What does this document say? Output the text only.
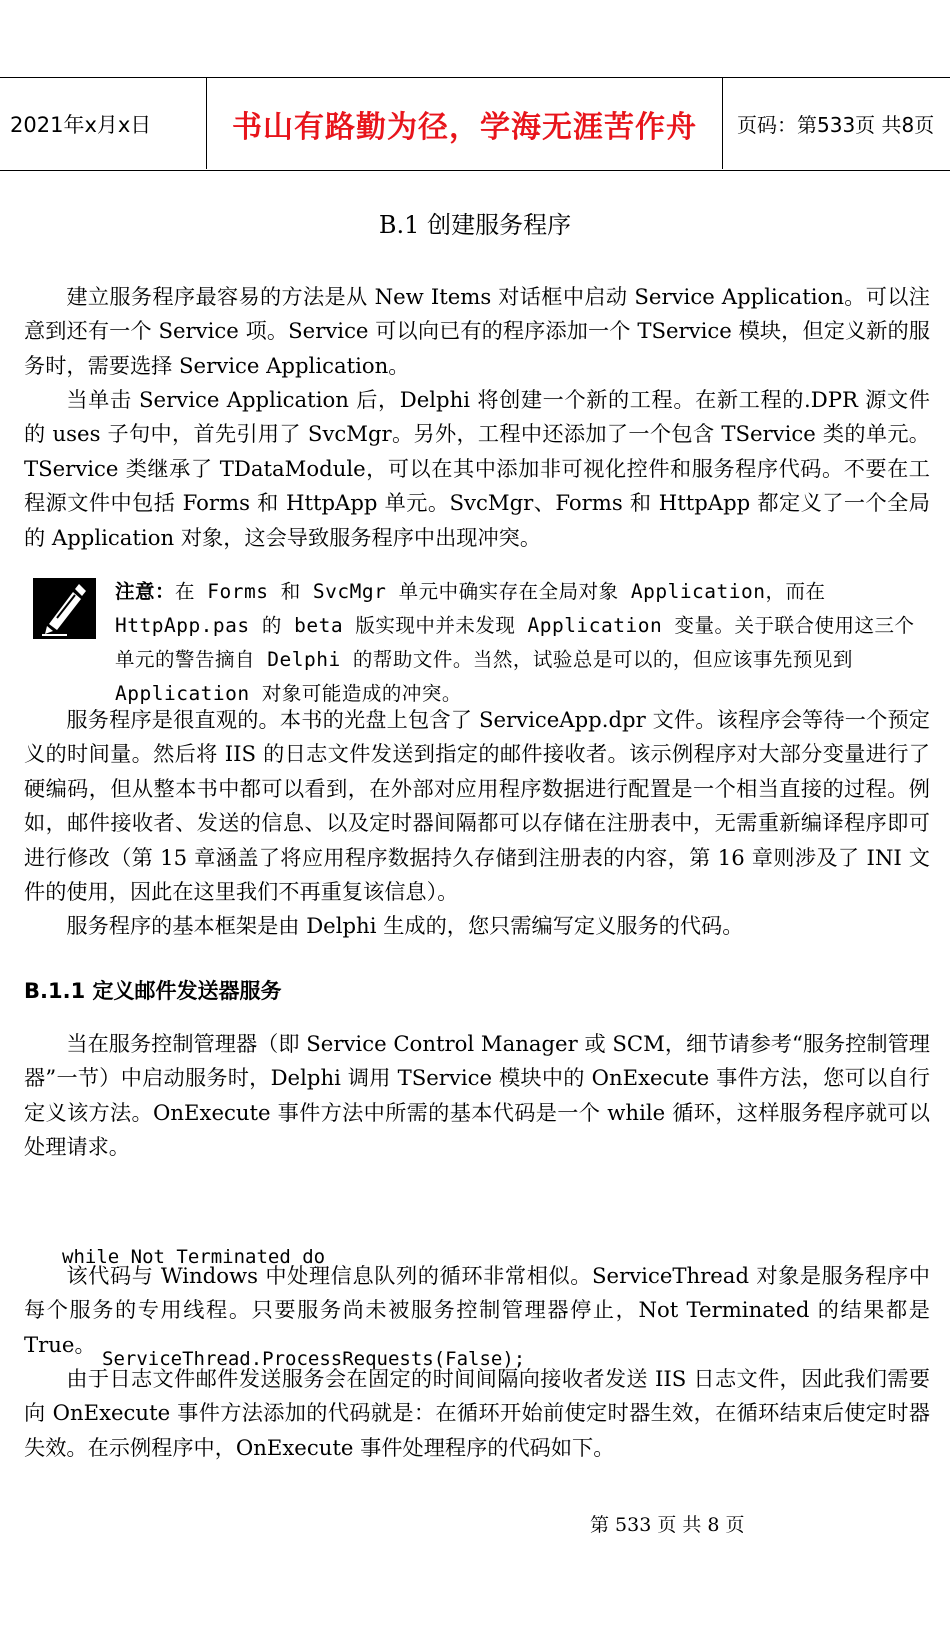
2021年x月x日	书山有路勤为径，学海无涯苦作舟	页码：第533页 共8页
B.1 创建服务程序

建立服务程序最容易的方法是从 New Items 对话框中启动 Service Application。可以注意到还有一个 Service 项。Service 可以向已有的程序添加一个 TService 模块，但定义新的服务时，需要选择 Service Application。

当单击 Service Application 后，Delphi 将创建一个新的工程。在新工程的.DPR 源文件的 uses 子句中，首先引用了 SvcMgr。另外，工程中还添加了一个包含 TService 类的单元。TService 类继承了 TDataModule，可以在其中添加非可视化控件和服务程序代码。不要在工程源文件中包括 Forms 和 HttpApp 单元。SvcMgr、Forms 和 HttpApp 都定义了一个全局的 Application 对象，这会导致服务程序中出现冲突。

注意：在 Forms 和 SvcMgr 单元中确实存在全局对象 Application，而在 HttpApp.pas 的 beta 版实现中并未发现 Application 变量。关于联合使用这三个单元的警告摘自 Delphi 的帮助文件。当然，试验总是可以的，但应该事先预见到 Application 对象可能造成的冲突。

服务程序是很直观的。本书的光盘上包含了 ServiceApp.dpr 文件。该程序会等待一个预定义的时间量。然后将 IIS 的日志文件发送到指定的邮件接收者。该示例程序对大部分变量进行了硬编码，但从整本书中都可以看到，在外部对应用程序数据进行配置是一个相当直接的过程。例如，邮件接收者、发送的信息、以及定时器间隔都可以存储在注册表中，无需重新编译程序即可进行修改（第 15 章涵盖了将应用程序数据持久存储到注册表的内容，第 16 章则涉及了 INI 文件的使用，因此在这里我们不再重复该信息）。

服务程序的基本框架是由 Delphi 生成的，您只需编写定义服务的代码。

B.1.1 定义邮件发送器服务

当在服务控制管理器（即 Service Control Manager 或 SCM，细节请参考“服务控制管理器”一节）中启动服务时，Delphi 调用 TService 模块中的 OnExecute 事件方法，您可以自行定义该方法。OnExecute 事件方法中所需的基本代码是一个 while 循环，这样服务程序就可以处理请求。

while Not Terminated do

ServiceThread.ProcessRequests(False);

该代码与 Windows 中处理信息队列的循环非常相似。ServiceThread 对象是服务程序中每个服务的专用线程。只要服务尚未被服务控制管理器停止，Not Terminated 的结果都是 True。

由于日志文件邮件发送服务会在固定的时间间隔向接收者发送 IIS 日志文件，因此我们需要向 OnExecute 事件方法添加的代码就是：在循环开始前使定时器生效，在循环结束后使定时器失效。在示例程序中，OnExecute 事件处理程序的代码如下。

第 533 页 共 8 页
